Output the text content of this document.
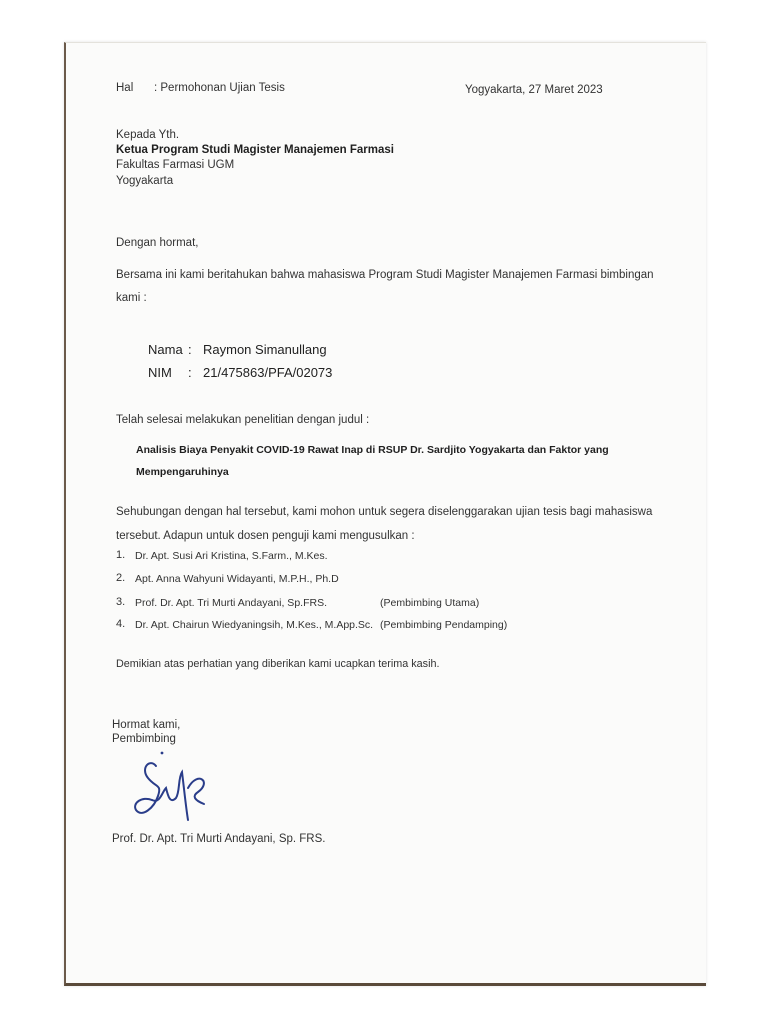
Hal : Permohonan Ujian Tesis	Yogyakarta, 27 Maret 2023
Kepada Yth.
Ketua Program Studi Magister Manajemen Farmasi
Fakultas Farmasi UGM
Yogyakarta
Dengan hormat,
Bersama ini kami beritahukan bahwa mahasiswa Program Studi Magister Manajemen Farmasi bimbingan
kami :
Nama : Raymon Simanullang
NIM : 21/475863/PFA/02073
Telah selesai melakukan penelitian dengan judul :
Analisis Biaya Penyakit COVID-19 Rawat Inap di RSUP Dr. Sardjito Yogyakarta dan Faktor yang
Mempengaruhinya
Sehubungan dengan hal tersebut, kami mohon untuk segera diselenggarakan ujian tesis bagi mahasiswa
tersebut. Adapun untuk dosen penguji kami mengusulkan :
1. Dr. Apt. Susi Ari Kristina, S.Farm., M.Kes.
2. Apt. Anna Wahyuni Widayanti, M.P.H., Ph.D
3. Prof. Dr. Apt. Tri Murti Andayani, Sp.FRS.	(Pembimbing Utama)
4. Dr. Apt. Chairun Wiedyaningsih, M.Kes., M.App.Sc. (Pembimbing Pendamping)
Demikian atas perhatian yang diberikan kami ucapkan terima kasih.
Hormat kami,
Pembimbing
Prof. Dr. Apt. Tri Murti Andayani, Sp. FRS.
